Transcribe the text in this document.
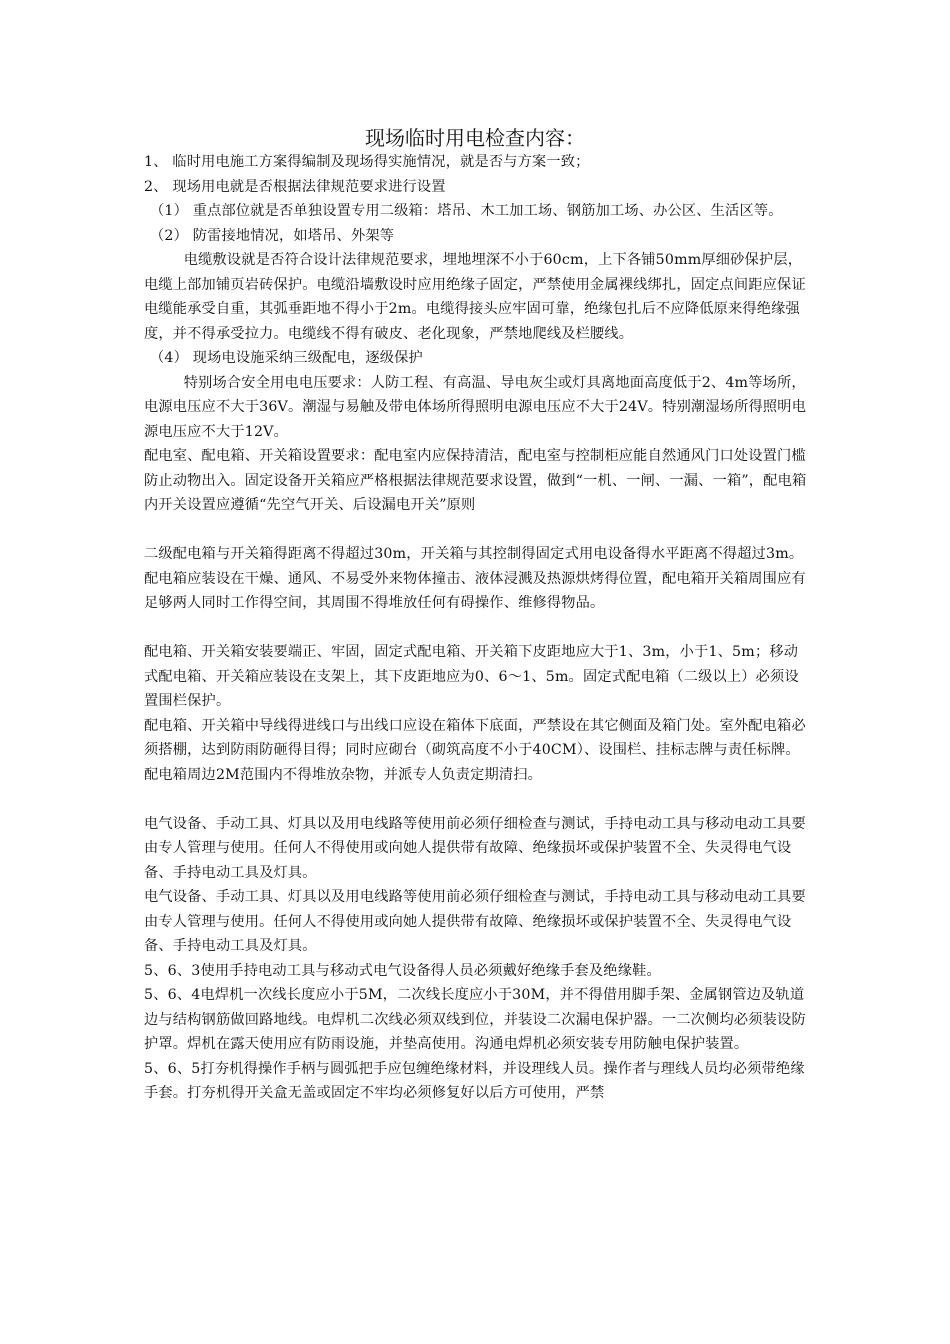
现场临时用电检查内容：

1、 临时用电施工方案得编制及现场得实施情况，就是否与方案一致；

2、 现场用电就是否根据法律规范要求进行设置

（1） 重点部位就是否单独设置专用二级箱：塔吊、木工加工场、钢筋加工场、办公区、生活区等。

（2） 防雷接地情况，如塔吊、外架等

电缆敷设就是否符合设计法律规范要求，埋地埋深不小于60cm，上下各铺50mm厚细砂保护层，电缆上部加铺页岩砖保护。电缆沿墙敷设时应用绝缘子固定，严禁使用金属裸线绑扎，固定点间距应保证电缆能承受自重，其弧垂距地不得小于2m。电缆得接头应牢固可靠，绝缘包扎后不应降低原来得绝缘强度，并不得承受拉力。电缆线不得有破皮、老化现象，严禁地爬线及栏腰线。

（4） 现场电设施采纳三级配电，逐级保护

特别场合安全用电电压要求：人防工程、有高温、导电灰尘或灯具离地面高度低于2、4m等场所，电源电压应不大于36V。潮湿与易触及带电体场所得照明电源电压应不大于24V。特别潮湿场所得照明电源电压应不大于12V。

配电室、配电箱、开关箱设置要求：配电室内应保持清洁，配电室与控制柜应能自然通风门口处设置门槛防止动物出入。固定设备开关箱应严格根据法律规范要求设置，做到“一机、一闸、一漏、一箱”，配电箱内开关设置应遵循“先空气开关、后设漏电开关”原则

二级配电箱与开关箱得距离不得超过30m，开关箱与其控制得固定式用电设备得水平距离不得超过3m。

配电箱应装设在干燥、通风、不易受外来物体撞击、液体浸溅及热源烘烤得位置，配电箱开关箱周围应有足够两人同时工作得空间，其周围不得堆放任何有碍操作、维修得物品。

配电箱、开关箱安装要端正、牢固，固定式配电箱、开关箱下皮距地应大于1、3m，小于1、5m；移动式配电箱、开关箱应装设在支架上，其下皮距地应为0、6～1、5m。固定式配电箱（二级以上）必须设置围栏保护。

配电箱、开关箱中导线得进线口与出线口应设在箱体下底面，严禁设在其它侧面及箱门处。室外配电箱必须搭棚，达到防雨防砸得目得；同时应砌台（砌筑高度不小于40CM）、设围栏、挂标志牌与责任标牌。配电箱周边2M范围内不得堆放杂物，并派专人负责定期清扫。

电气设备、手动工具、灯具以及用电线路等使用前必须仔细检查与测试，手持电动工具与移动电动工具要由专人管理与使用。任何人不得使用或向她人提供带有故障、绝缘损坏或保护装置不全、失灵得电气设备、手持电动工具及灯具。

电气设备、手动工具、灯具以及用电线路等使用前必须仔细检查与测试，手持电动工具与移动电动工具要由专人管理与使用。任何人不得使用或向她人提供带有故障、绝缘损坏或保护装置不全、失灵得电气设备、手持电动工具及灯具。

5、6、3使用手持电动工具与移动式电气设备得人员必须戴好绝缘手套及绝缘鞋。

5、6、4电焊机一次线长度应小于5M，二次线长度应小于30M，并不得借用脚手架、金属钢管边及轨道边与结构钢筋做回路地线。电焊机二次线必须双线到位，并装设二次漏电保护器。一二次侧均必须装设防护罩。焊机在露天使用应有防雨设施，并垫高使用。沟通电焊机必须安装专用防触电保护装置。

5、6、5打夯机得操作手柄与圆弧把手应包缠绝缘材料，并设理线人员。操作者与理线人员均必须带绝缘手套。打夯机得开关盒无盖或固定不牢均必须修复好以后方可使用，严禁
